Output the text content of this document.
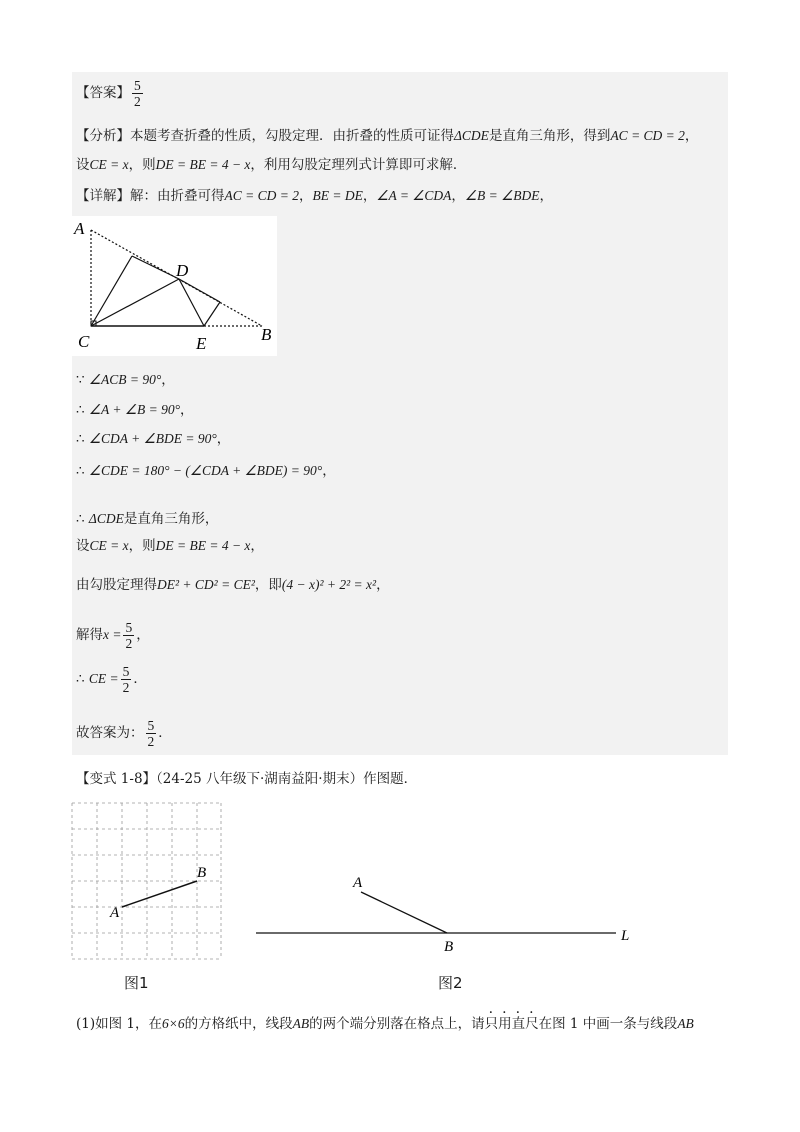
【答案】 $\frac{5}{2}$
【分析】本题考查折叠的性质，勾股定理．由折叠的性质可证得ΔCDE是直角三角形，得到AC = CD = 2，
设CE = x，则DE = BE = 4 − x，利用勾股定理列式计算即可求解．
【详解】解：由折叠可得AC = CD = 2，BE = DE，∠A = ∠CDA，∠B = ∠BDE，
A
C
D
E	B
∵ ∠ACB = 90°，
∴ ∠A + ∠B = 90°，
∴ ∠CDA + ∠BDE = 90°，
∴ ∠CDE = 180° − (∠CDA + ∠BDE) = 90°，
∴ ΔCDE是直角三角形，
设CE = x，则DE = BE = 4 − x，
由勾股定理得DE² + CD² = CE²，即(4 − x)² + 2² = x²，
解得$x = \frac{5}{2}$ ，
∴ CE = $\frac{5}{2}$ ．
故答案为： $\frac{5}{2}$ ．
【变式 1-8】（24-25 八年级下·湖南益阳·期末）作图题．
A
B
图1
A
B
L
图2
(1)如图 1，在6×6的方格纸中，线段AB的两个端分别落在格点上，请只用直尺在图 1 中画一条与线段AB
